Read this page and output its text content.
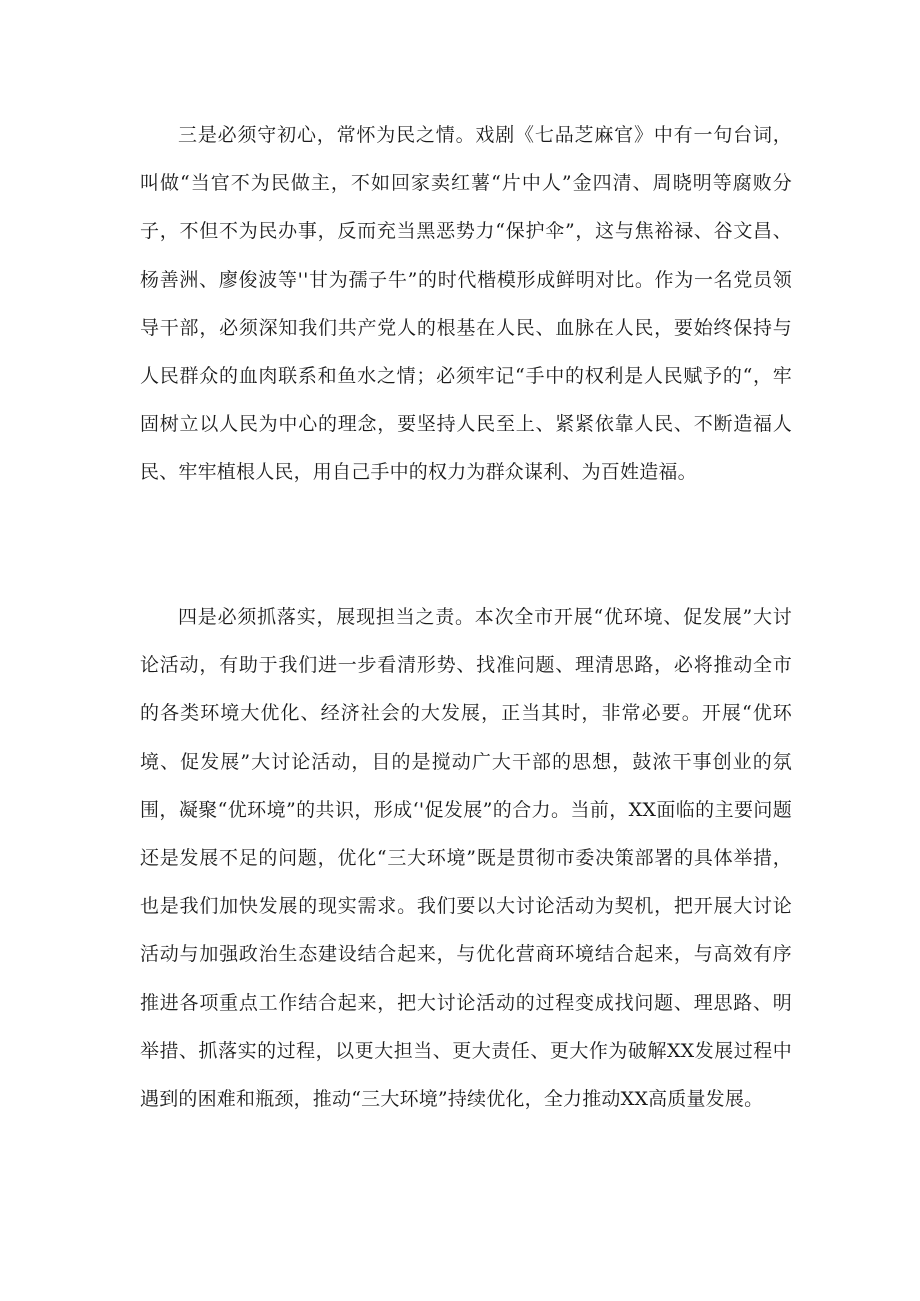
三是必须守初心，常怀为民之情。戏剧《七品芝麻官》中有一句台词，叫做“当官不为民做主，不如回家卖红薯“片中人”金四清、周晓明等腐败分子，不但不为民办事，反而充当黑恶势力“保护伞”，这与焦裕禄、谷文昌、杨善洲、廖俊波等''甘为孺子牛”的时代楷模形成鲜明对比。作为一名党员领导干部，必须深知我们共产党人的根基在人民、血脉在人民，要始终保持与人民群众的血肉联系和鱼水之情；必须牢记“手中的权利是人民赋予的“，牢固树立以人民为中心的理念，要坚持人民至上、紧紧依靠人民、不断造福人民、牢牢植根人民，用自己手中的权力为群众谋利、为百姓造福。

四是必须抓落实，展现担当之责。本次全市开展“优环境、促发展”大讨论活动，有助于我们进一步看清形势、找准问题、理清思路，必将推动全市的各类环境大优化、经济社会的大发展，正当其时，非常必要。开展“优环境、促发展”大讨论活动，目的是搅动广大干部的思想，鼓浓干事创业的氛围，凝聚“优环境”的共识，形成‘'促发展”的合力。当前，XX面临的主要问题还是发展不足的问题，优化“三大环境”既是贯彻市委决策部署的具体举措，也是我们加快发展的现实需求。我们要以大讨论活动为契机，把开展大讨论活动与加强政治生态建设结合起来，与优化营商环境结合起来，与高效有序推进各项重点工作结合起来，把大讨论活动的过程变成找问题、理思路、明举措、抓落实的过程，以更大担当、更大责任、更大作为破解XX发展过程中遇到的困难和瓶颈，推动“三大环境”持续优化，全力推动XX高质量发展。
